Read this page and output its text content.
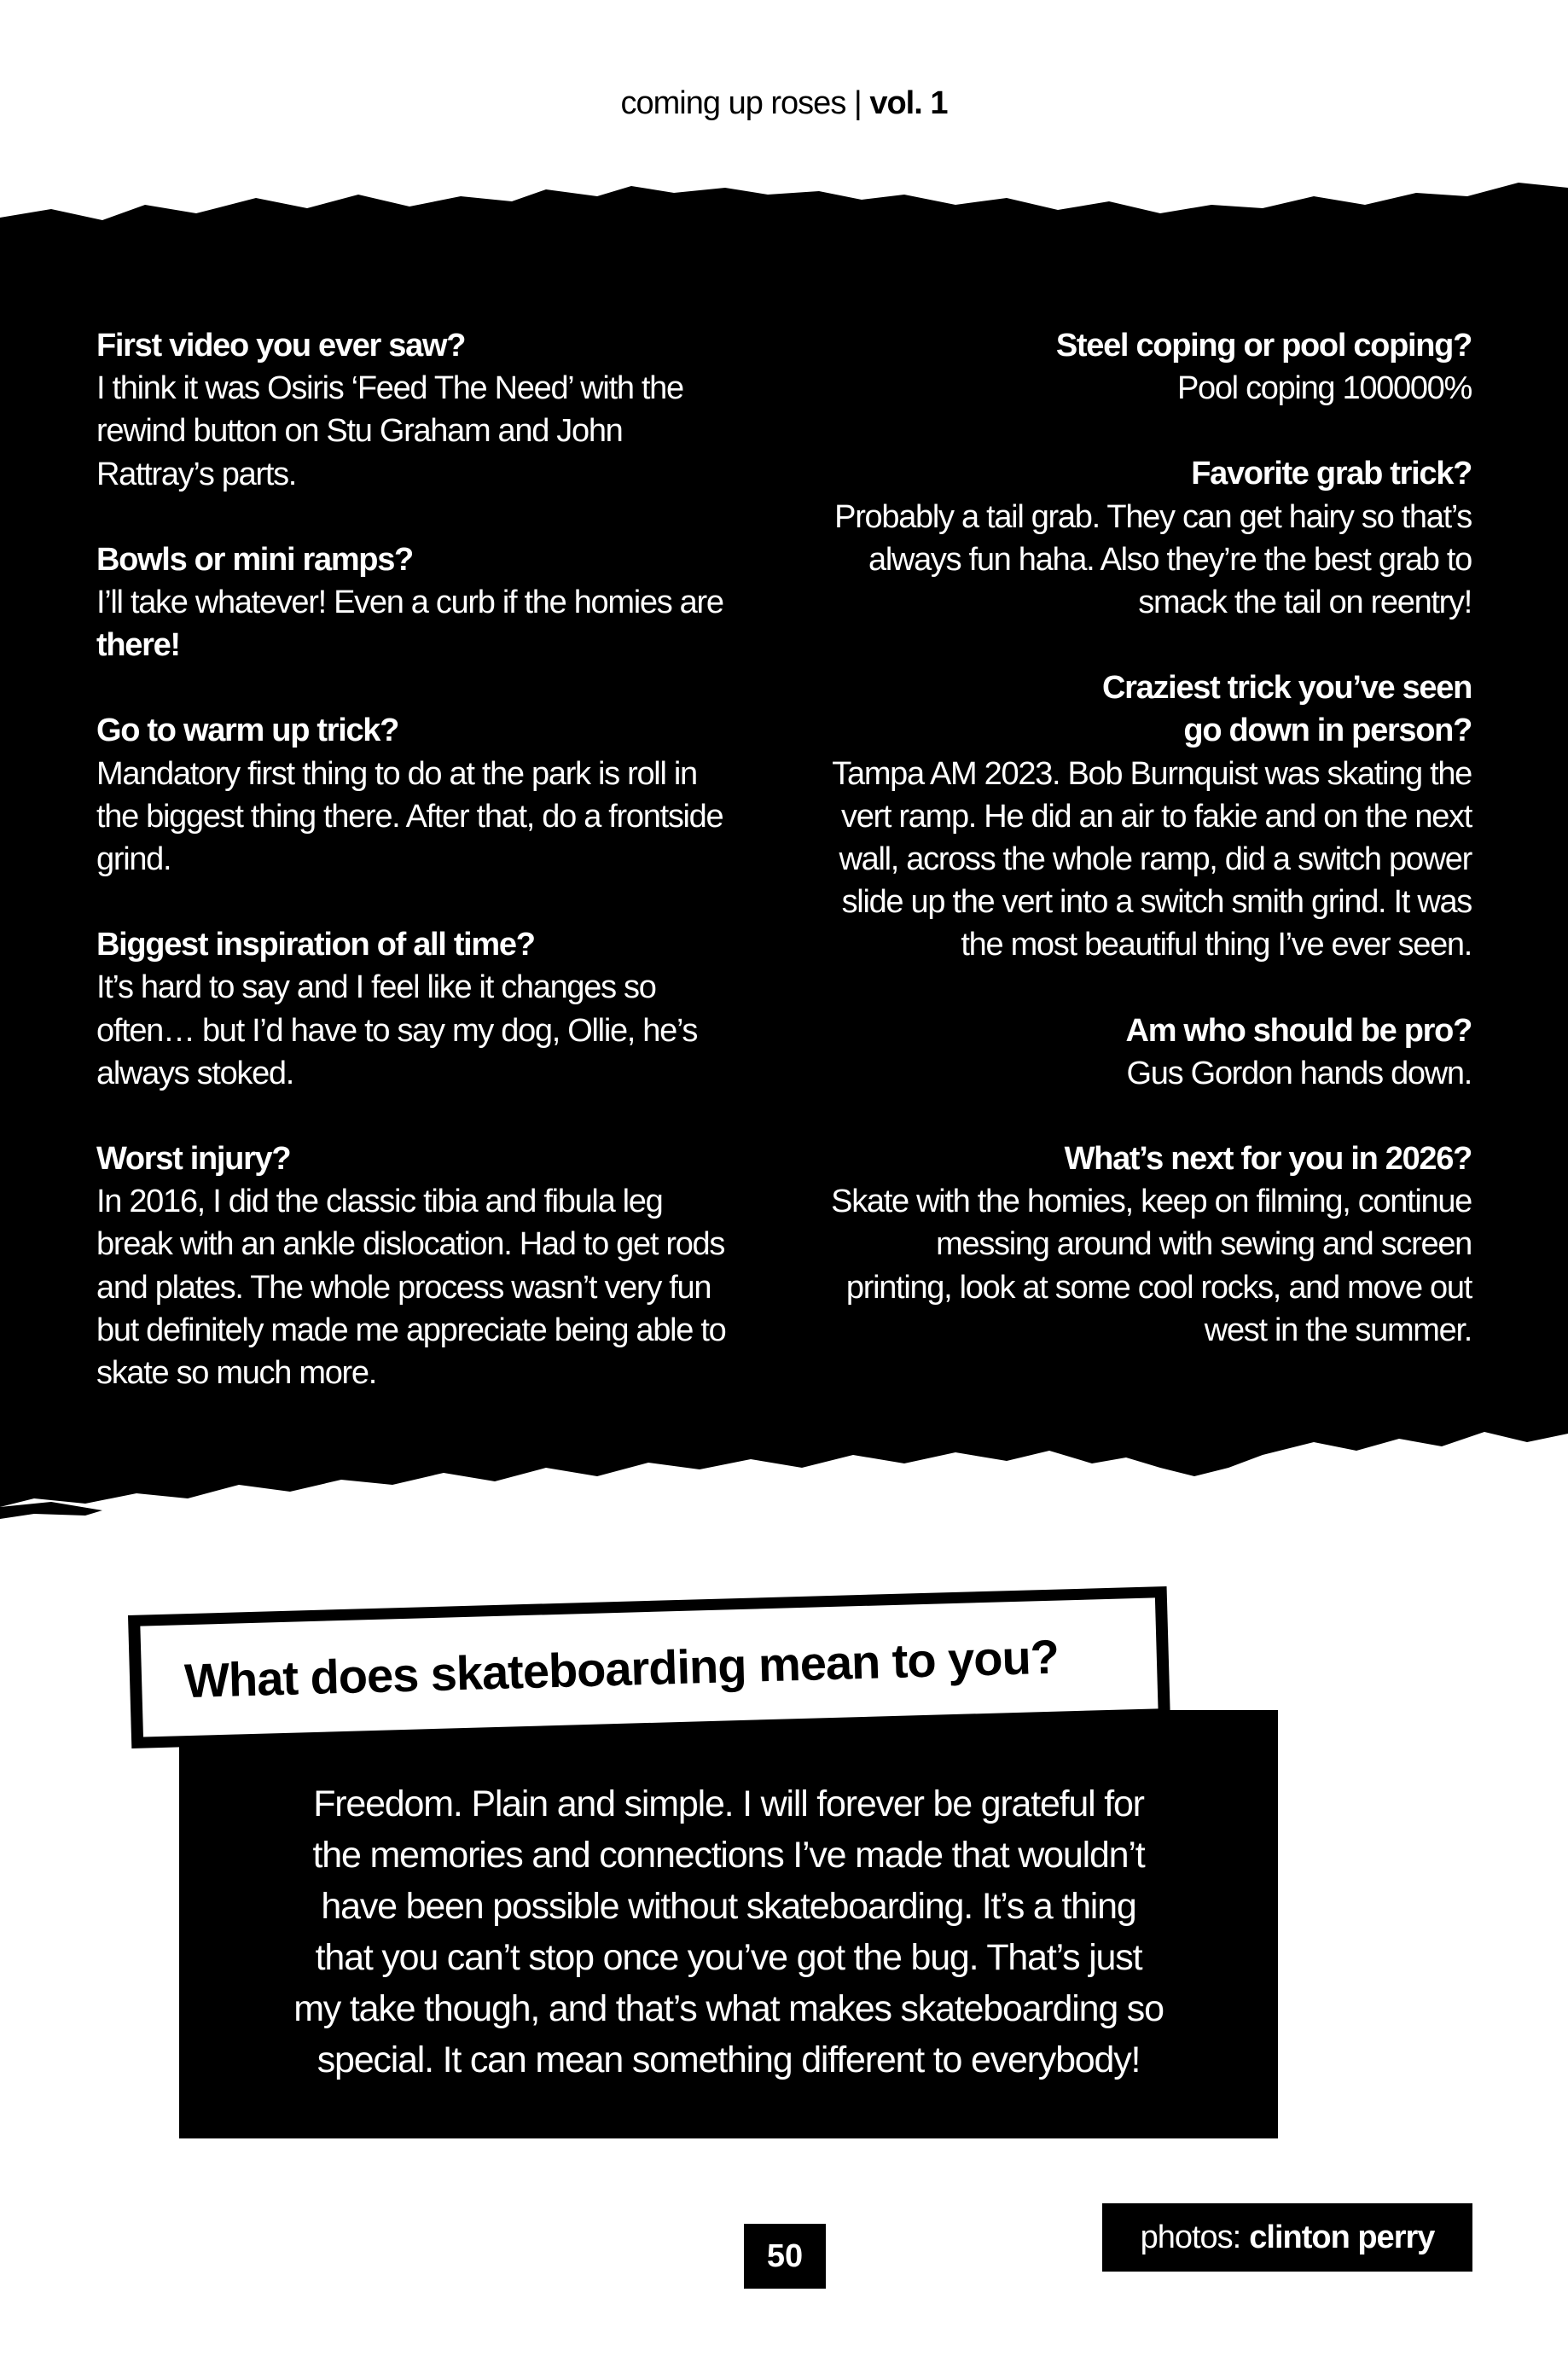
coming up roses | vol. 1
First video you ever saw?
I think it was Osiris ‘Feed The Need’ with the rewind button on Stu Graham and John Rattray’s parts.
Bowls or mini ramps?
I’ll take whatever! Even a curb if the homies are there!
Go to warm up trick?
Mandatory first thing to do at the park is roll in the biggest thing there. After that, do a frontside grind.
Biggest inspiration of all time?
It’s hard to say and I feel like it changes so often… but I’d have to say my dog, Ollie, he’s always stoked.
Worst injury?
In 2016, I did the classic tibia and fibula leg break with an ankle dislocation. Had to get rods and plates. The whole process wasn’t very fun but definitely made me appreciate being able to skate so much more.
Steel coping or pool coping?
Pool coping 100000%
Favorite grab trick?
Probably a tail grab. They can get hairy so that’s always fun haha. Also they’re the best grab to smack the tail on reentry!
Craziest trick you’ve seen
go down in person?
Tampa AM 2023. Bob Burnquist was skating the vert ramp. He did an air to fakie and on the next wall, across the whole ramp, did a switch power slide up the vert into a switch smith grind. It was the most beautiful thing I’ve ever seen.
Am who should be pro?
Gus Gordon hands down.
What’s next for you in 2026?
Skate with the homies, keep on filming, continue messing around with sewing and screen printing, look at some cool rocks, and move out west in the summer.
Freedom. Plain and simple. I will forever be grateful for
the memories and connections I’ve made that wouldn’t
have been possible without skateboarding. It’s a thing
that you can’t stop once you’ve got the bug. That’s just
my take though, and that’s what makes skateboarding so
special. It can mean something different to everybody!
What does skateboarding mean to you?
50
photos: clinton perry
